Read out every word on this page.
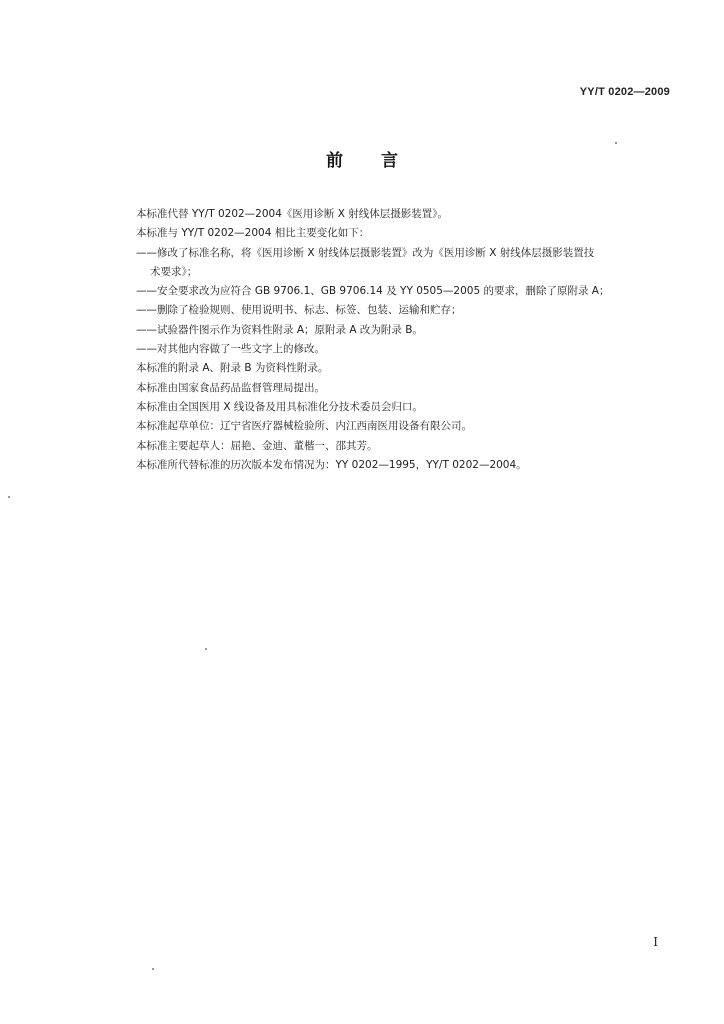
YY/T 0202—2009
前言
本标准代替 YY/T 0202—2004《医用诊断 X 射线体层摄影装置》。
本标准与 YY/T 0202—2004 相比主要变化如下：
——修改了标准名称，将《医用诊断 X 射线体层摄影装置》改为《医用诊断 X 射线体层摄影装置技
术要求》；
——安全要求改为应符合 GB 9706.1、GB 9706.14 及 YY 0505—2005 的要求，删除了原附录 A；
——删除了检验规则、使用说明书、标志、标签、包装、运输和贮存；
——试验器件图示作为资料性附录 A；原附录 A 改为附录 B。
——对其他内容做了一些文字上的修改。
本标准的附录 A、附录 B 为资料性附录。
本标准由国家食品药品监督管理局提出。
本标准由全国医用 X 线设备及用具标准化分技术委员会归口。
本标准起草单位：辽宁省医疗器械检验所、内江西南医用设备有限公司。
本标准主要起草人：屈艳、金迪、董楷一、邵其芳。
本标准所代替标准的历次版本发布情况为：YY 0202—1995，YY/T 0202—2004。
I
